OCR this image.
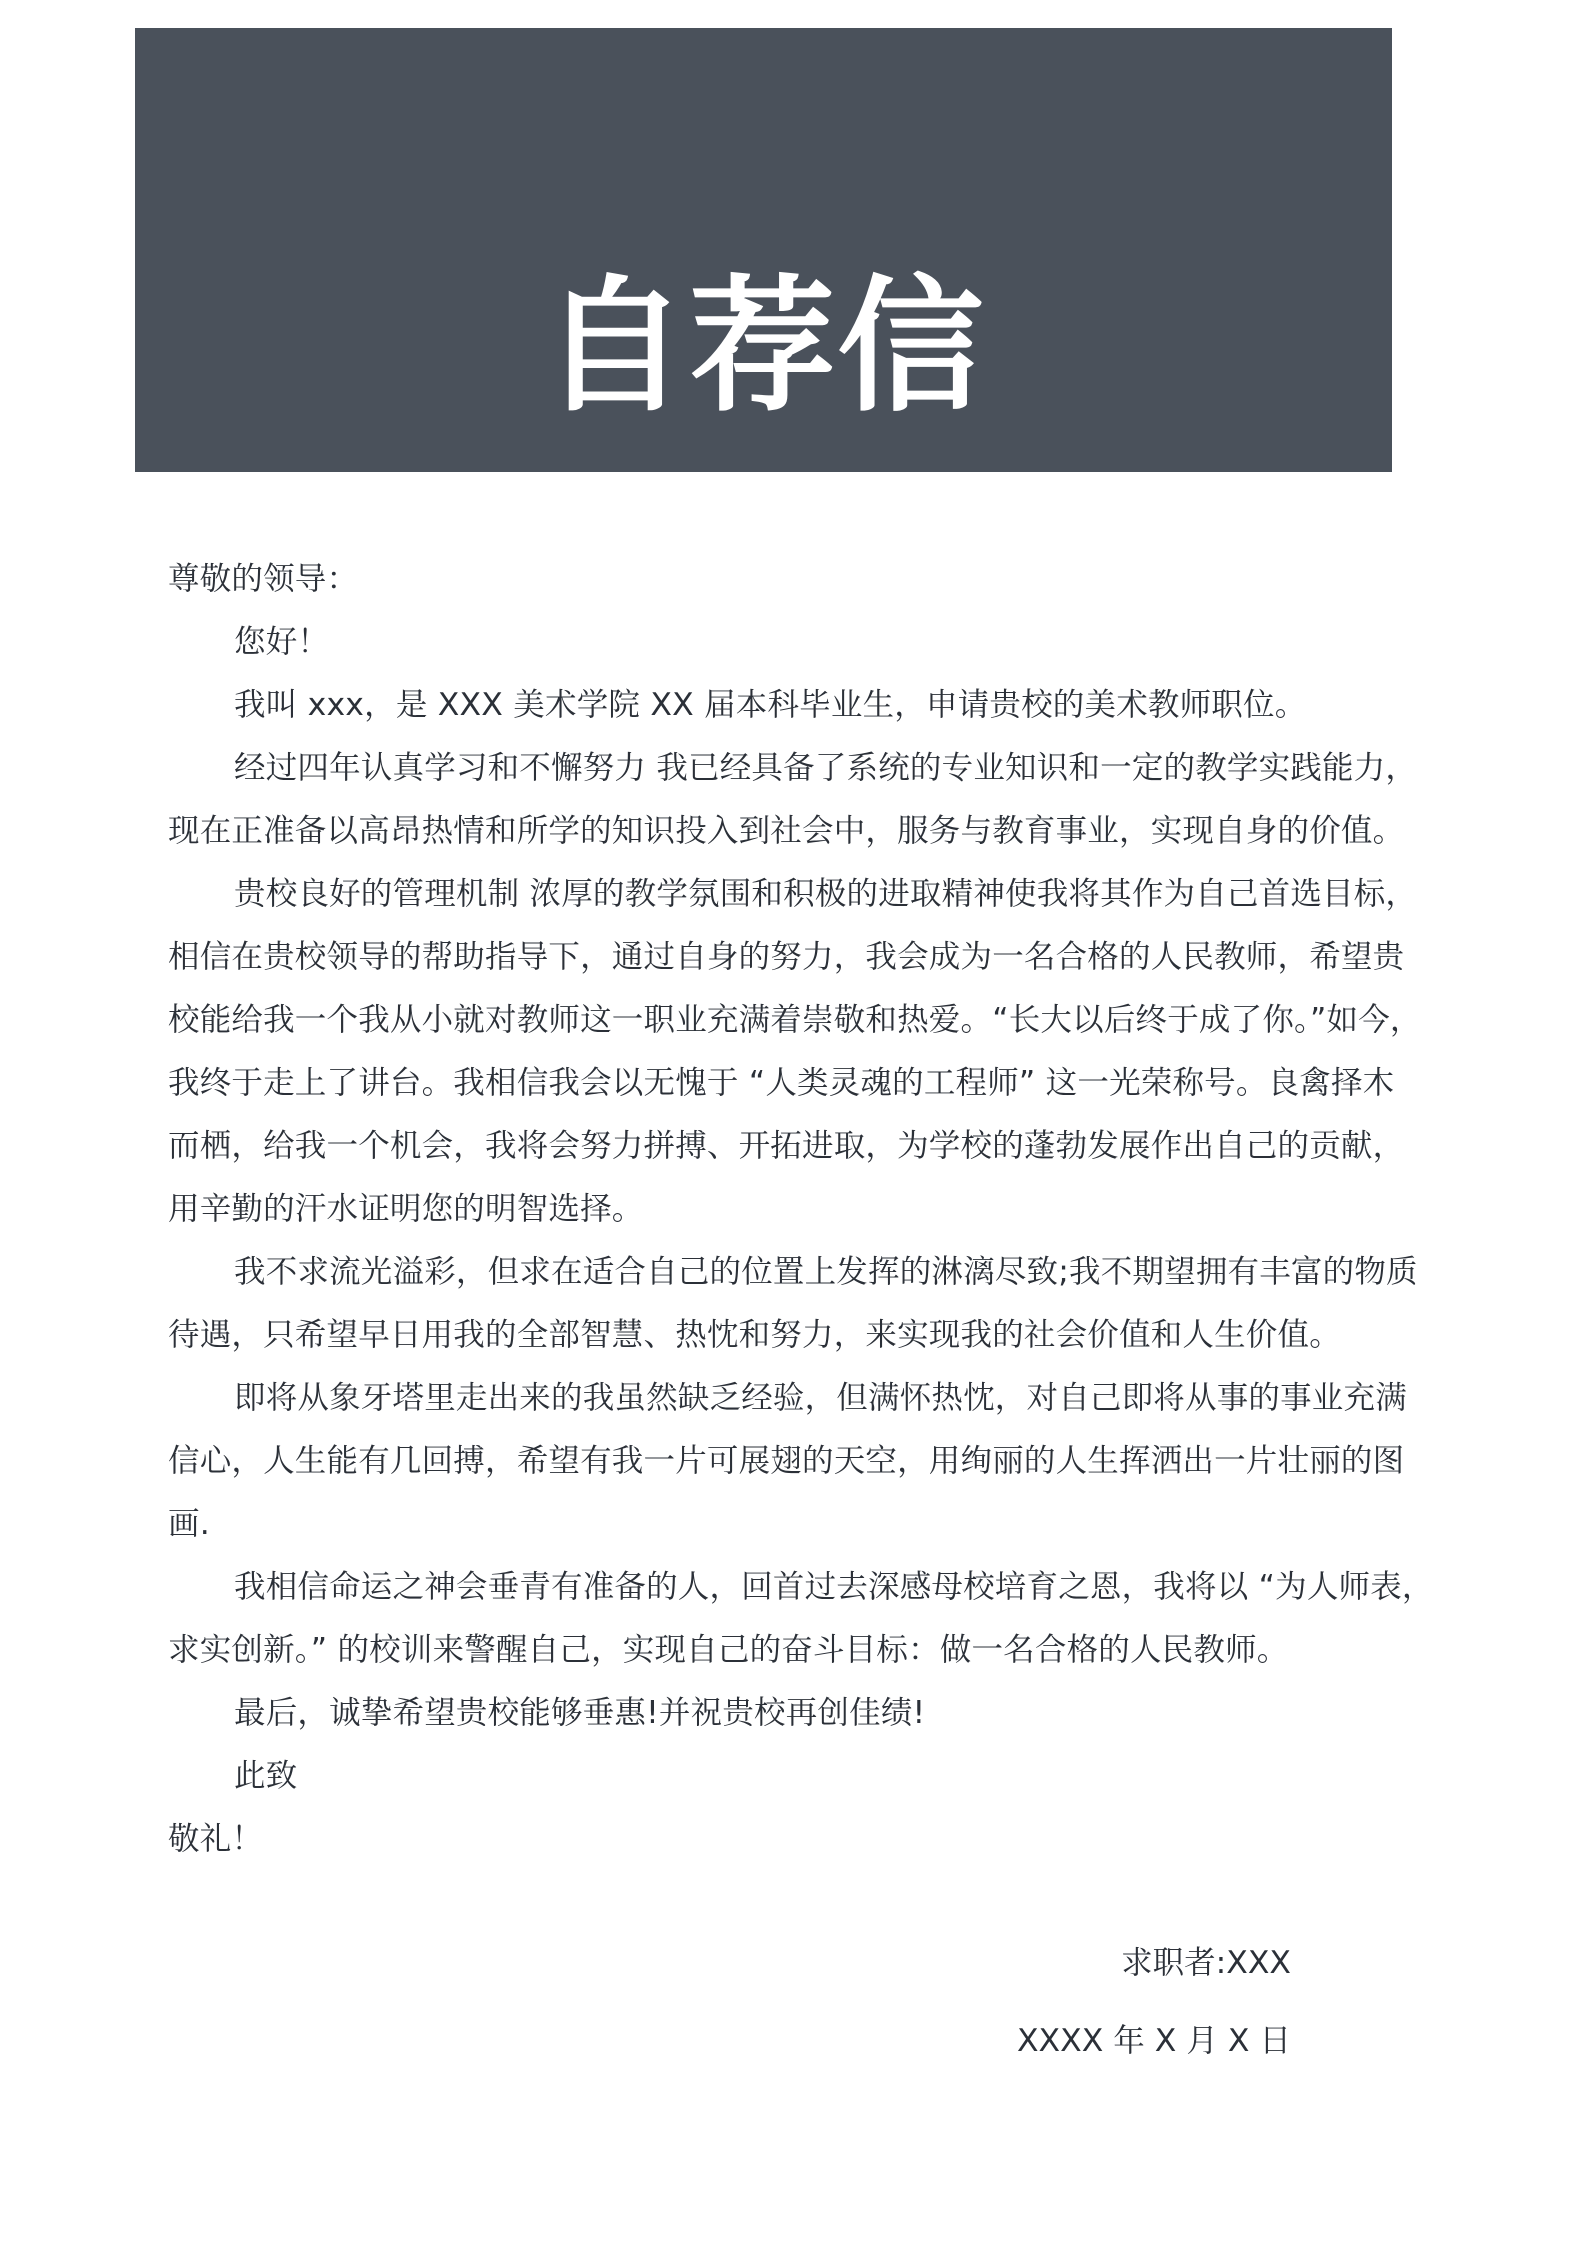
自荐信
尊敬的领导：
您好！
我叫 xxx，是 XXX 美术学院 XX 届本科毕业生，申请贵校的美术教师职位。
经过四年认真学习和不懈努力 我已经具备了系统的专业知识和一定的教学实践能力，
现在正准备以高昂热情和所学的知识投入到社会中，服务与教育事业，实现自身的价值。
贵校良好的管理机制 浓厚的教学氛围和积极的进取精神使我将其作为自己首选目标，
相信在贵校领导的帮助指导下，通过自身的努力，我会成为一名合格的人民教师，希望贵
校能给我一个我从小就对教师这一职业充满着崇敬和热爱。“长大以后终于成了你。”如今，
我终于走上了讲台。我相信我会以无愧于 “人类灵魂的工程师” 这一光荣称号。良禽择木
而栖，给我一个机会，我将会努力拼搏、开拓进取，为学校的蓬勃发展作出自己的贡献，
用辛勤的汗水证明您的明智选择。
我不求流光溢彩，但求在适合自己的位置上发挥的淋漓尽致;我不期望拥有丰富的物质
待遇，只希望早日用我的全部智慧、热忱和努力，来实现我的社会价值和人生价值。
即将从象牙塔里走出来的我虽然缺乏经验，但满怀热忱，对自己即将从事的事业充满
信心，人生能有几回搏，希望有我一片可展翅的天空，用绚丽的人生挥洒出一片壮丽的图
画.
我相信命运之神会垂青有准备的人，回首过去深感母校培育之恩，我将以 “为人师表，
求实创新。” 的校训来警醒自己，实现自己的奋斗目标：做一名合格的人民教师。
最后，诚挚希望贵校能够垂惠!并祝贵校再创佳绩!
此致
敬礼！
求职者:XXX
XXXX 年 X 月 X 日
